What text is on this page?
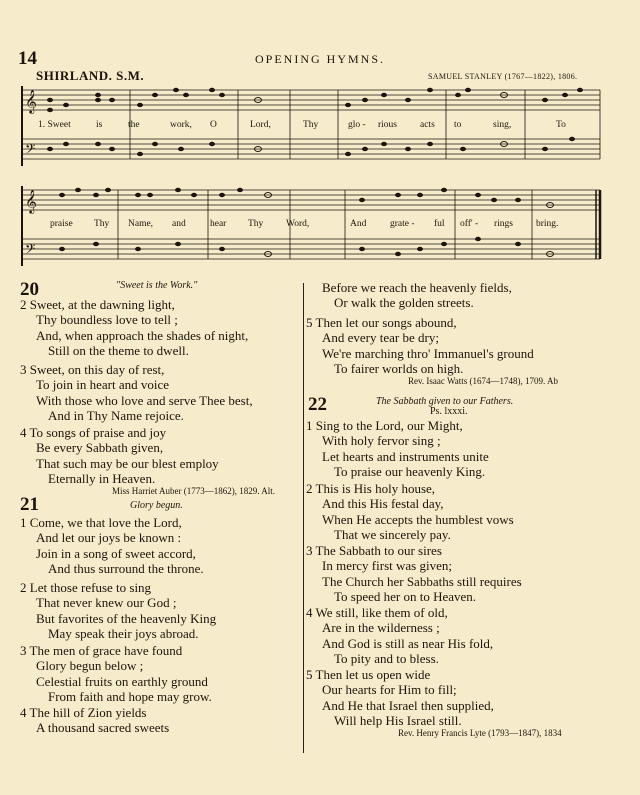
14	OPENING HYMNS.
SHIRLAND. S.M.	SAMUEL STANLEY (1767—1822), 1806.
𝄞
𝄢
1. Sweet	is	the	work, O	Lord,	Thy	glo - rious acts to	sing,	To
𝄞
𝄢
praise Thy Name, and	hear Thy Word,	And grate - ful off' - rings bring.
20	"Sweet is the Work."
2 Sweet, at the dawning light,
Thy boundless love to tell ;
And, when approach the shades of night,
Still on the theme to dwell.
3 Sweet, on this day of rest,
To join in heart and voice
With those who love and serve Thee best,
And in Thy Name rejoice.
4 To songs of praise and joy
Be every Sabbath given,
That such may be our blest employ
Eternally in Heaven.
Miss Harriet Auber (1773—1862), 1829. Alt.
21	Glory begun.
1 Come, we that love the Lord,
And let our joys be known :
Join in a song of sweet accord,
And thus surround the throne.
2 Let those refuse to sing
That never knew our God ;
But favorites of the heavenly King
May speak their joys abroad.
3 The men of grace have found
Glory begun below ;
Celestial fruits on earthly ground
From faith and hope may grow.
4 The hill of Zion yields
A thousand sacred sweets
Before we reach the heavenly fields,
Or walk the golden streets.
5 Then let our songs abound,
And every tear be dry;
We're marching thro' Immanuel's ground
To fairer worlds on high.
Rev. Isaac Watts (1674—1748), 1709. Ab
22	The Sabbath given to our Fathers.
Ps. lxxxi.
1 Sing to the Lord, our Might,
With holy fervor sing ;
Let hearts and instruments unite
To praise our heavenly King.
2 This is His holy house,
And this His festal day,
When He accepts the humblest vows
That we sincerely pay.
3 The Sabbath to our sires
In mercy first was given;
The Church her Sabbaths still requires
To speed her on to Heaven.
4 We still, like them of old,
Are in the wilderness ;
And God is still as near His fold,
To pity and to bless.
5 Then let us open wide
Our hearts for Him to fill;
And He that Israel then supplied,
Will help His Israel still.
Rev. Henry Francis Lyte (1793—1847), 1834
